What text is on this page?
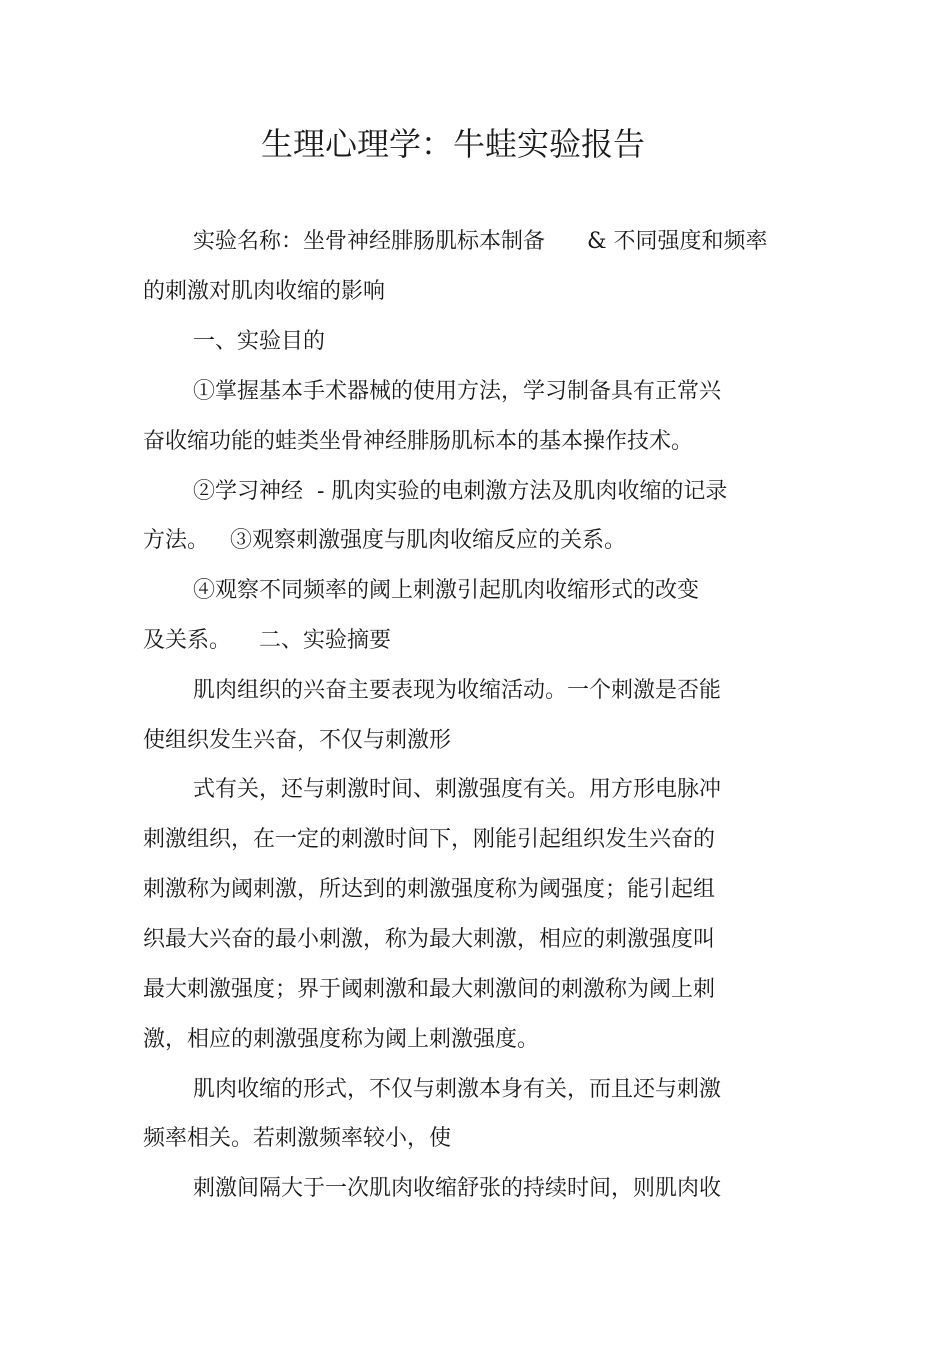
生理心理学：牛蛙实验报告
实验名称：坐骨神经腓肠肌标本制备      & 不同强度和频率
的刺激对肌肉收缩的影响
一、实验目的
①掌握基本手术器械的使用方法，学习制备具有正常兴
奋收缩功能的蛙类坐骨神经腓肠肌标本的基本操作技术。
②学习神经  - 肌肉实验的电刺激方法及肌肉收缩的记录
方法。   ③观察刺激强度与肌肉收缩反应的关系。
④观察不同频率的阈上刺激引起肌肉收缩形式的改变
及关系。    二、实验摘要
肌肉组织的兴奋主要表现为收缩活动。一个刺激是否能
使组织发生兴奋，不仅与刺激形
式有关，还与刺激时间、刺激强度有关。用方形电脉冲
刺激组织，在一定的刺激时间下，刚能引起组织发生兴奋的
刺激称为阈刺激，所达到的刺激强度称为阈强度；能引起组
织最大兴奋的最小刺激，称为最大刺激，相应的刺激强度叫
最大刺激强度；界于阈刺激和最大刺激间的刺激称为阈上刺
激，相应的刺激强度称为阈上刺激强度。
肌肉收缩的形式，不仅与刺激本身有关，而且还与刺激
频率相关。若刺激频率较小，使
刺激间隔大于一次肌肉收缩舒张的持续时间，则肌肉收
